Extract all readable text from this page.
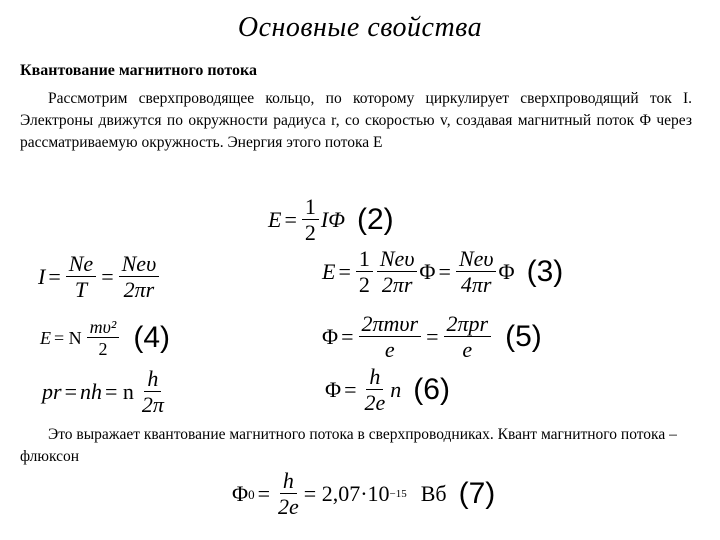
Основные свойства
Квантование магнитного потока

Рассмотрим сверхпроводящее кольцо, по которому циркулирует сверхпроводящий ток I. Электроны движутся по окружности радиуса r, со скоростью v, создавая магнитный поток Φ через рассматриваемую окружность. Энергия этого потока E

$E = \frac{1}{2}$ IΦ (2)
$I = \frac{Ne}{T} = \frac{\text{Neυ}}{2\pi r}$	$E = \frac{1}{2} \frac{\text{Neυ}}{2\pi r}$ $\Phi = \frac{\text{Neυ}}{4\pi r}$ Φ (3)
E = N $\frac{\text{mυ²}}{2} (4)$	$\Phi = \frac{\text{2πmυr}}{e} = \frac{\text{2πpr}}{e} (5)$
pr = nh = n $\frac{h}{2\pi}$	$\Phi = \frac{h}{2e}$ n (6)

Это выражает квантование магнитного потока в сверхпроводниках. Квант магнитного потока – флюксон

Φ $0 = \frac{h}{2e} = 2,07\cdot 10 -15$ Вб (7)
